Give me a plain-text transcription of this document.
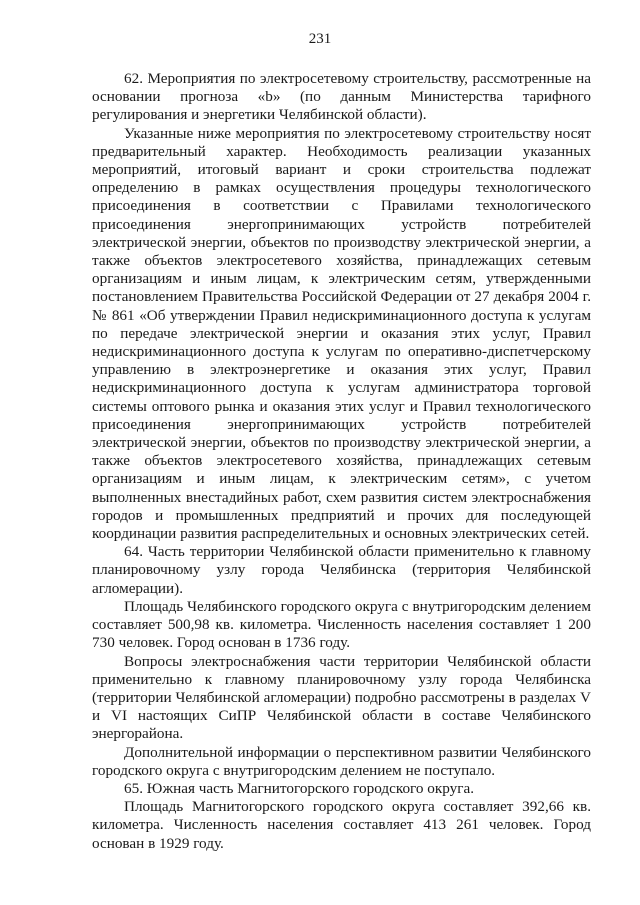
231

62. Мероприятия по электросетевому строительству, рассмотренные на основании прогноза «b» (по данным Министерства тарифного регулирования и энергетики Челябинской области).

Указанные ниже мероприятия по электросетевому строительству носят предварительный характер. Необходимость реализации указанных мероприятий, итоговый вариант и сроки строительства подлежат определению в рамках осуществления процедуры технологического присоединения в соответствии с Правилами технологического присоединения энергопринимающих устройств потребителей электрической энергии, объектов по производству электрической энергии, а также объектов электросетевого хозяйства, принадлежащих сетевым организациям и иным лицам, к электрическим сетям, утвержденными постановлением Правительства Российской Федерации от 27 декабря 2004 г. № 861 «Об утверждении Правил недискриминационного доступа к услугам по передаче электрической энергии и оказания этих услуг, Правил недискриминационного доступа к услугам по оперативно-диспетчерскому управлению в электроэнергетике и оказания этих услуг, Правил недискриминационного доступа к услугам администратора торговой системы оптового рынка и оказания этих услуг и Правил технологического присоединения энергопринимающих устройств потребителей электрической энергии, объектов по производству электрической энергии, а также объектов электросетевого хозяйства, принадлежащих сетевым организациям и иным лицам, к электрическим сетям», с учетом выполненных внестадийных работ, схем развития систем электроснабжения городов и промышленных предприятий и прочих для последующей координации развития распределительных и основных электрических сетей.

64. Часть территории Челябинской области применительно к главному планировочному узлу города Челябинска (территория Челябинской агломерации).

Площадь Челябинского городского округа с внутригородским делением составляет 500,98 кв. километра. Численность населения составляет 1 200 730 человек. Город основан в 1736 году.

Вопросы электроснабжения части территории Челябинской области применительно к главному планировочному узлу города Челябинска (территории Челябинской агломерации) подробно рассмотрены в разделах V и VI настоящих СиПР Челябинской области в составе Челябинского энергорайона.

Дополнительной информации о перспективном развитии Челябинского городского округа с внутригородским делением не поступало.

65. Южная часть Магнитогорского городского округа.

Площадь Магнитогорского городского округа составляет 392,66 кв. километра. Численность населения составляет 413 261 человек. Город основан в 1929 году.
